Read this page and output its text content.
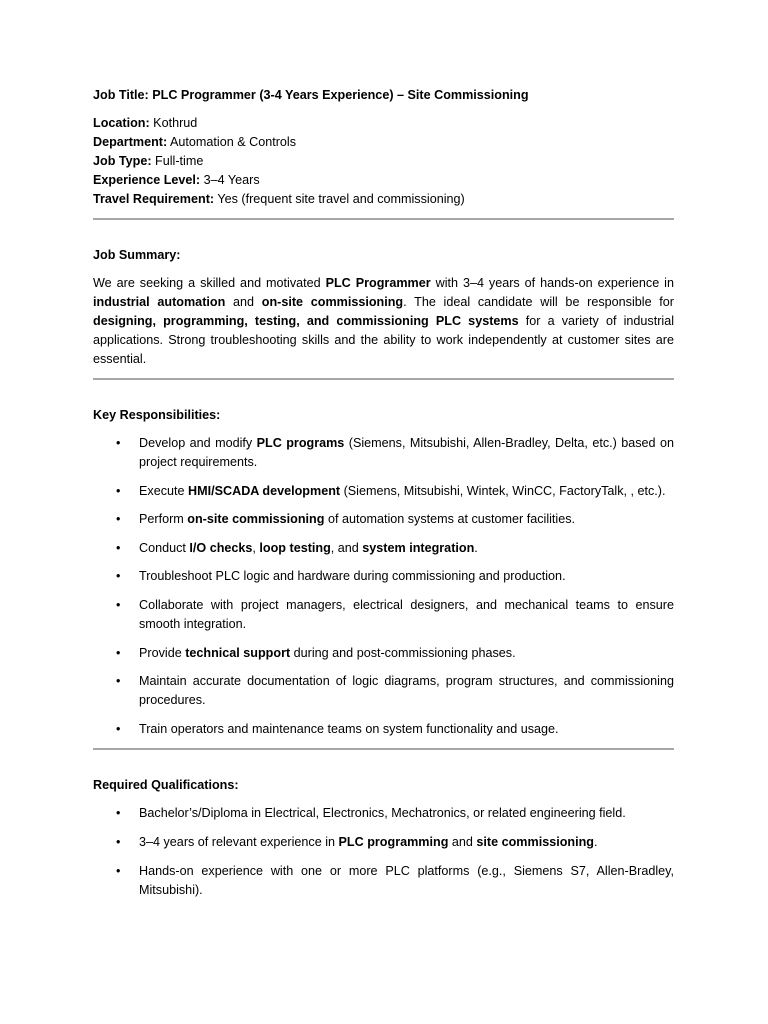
Job Title: PLC Programmer (3-4 Years Experience) – Site Commissioning

Location: Kothrud

Department: Automation & Controls

Job Type: Full-time

Experience Level: 3–4 Years

Travel Requirement: Yes (frequent site travel and commissioning)

Job Summary:

We are seeking a skilled and motivated PLC Programmer with 3–4 years of hands-on experience in industrial automation and on-site commissioning. The ideal candidate will be responsible for designing, programming, testing, and commissioning PLC systems for a variety of industrial applications. Strong troubleshooting skills and the ability to work independently at customer sites are essential.

Key Responsibilities:

• Develop and modify PLC programs (Siemens, Mitsubishi, Allen-Bradley, Delta, etc.) based on project requirements.
• Execute HMI/SCADA development (Siemens, Mitsubishi, Wintek, WinCC, FactoryTalk, , etc.).
• Perform on-site commissioning of automation systems at customer facilities.
• Conduct I/O checks, loop testing, and system integration.
• Troubleshoot PLC logic and hardware during commissioning and production.
• Collaborate with project managers, electrical designers, and mechanical teams to ensure smooth integration.
• Provide technical support during and post-commissioning phases.
• Maintain accurate documentation of logic diagrams, program structures, and commissioning procedures.
• Train operators and maintenance teams on system functionality and usage.

Required Qualifications:

• Bachelor’s/Diploma in Electrical, Electronics, Mechatronics, or related engineering field.
• 3–4 years of relevant experience in PLC programming and site commissioning.
• Hands-on experience with one or more PLC platforms (e.g., Siemens S7, Allen-Bradley, Mitsubishi).
